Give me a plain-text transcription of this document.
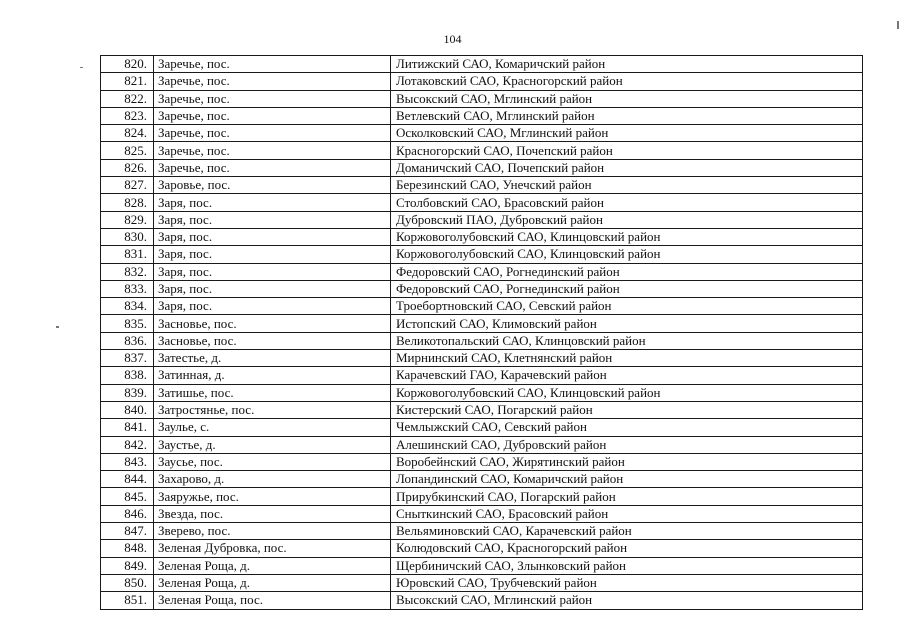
104
820.	Заречье, пос.	Литижский САО, Комаричский район
821.	Заречье, пос.	Лотаковский САО, Красногорский район
822.	Заречье, пос.	Высокский САО, Мглинский район
823.	Заречье, пос.	Ветлевский САО, Мглинский район
824.	Заречье, пос.	Осколковский САО, Мглинский район
825.	Заречье, пос.	Красногорский САО, Почепский район
826.	Заречье, пос.	Доманичский САО, Почепский район
827.	Заровье, пос.	Березинский САО, Унечский район
828.	Заря, пос.	Столбовский САО, Брасовский район
829.	Заря, пос.	Дубровский ПАО, Дубровский район
830.	Заря, пос.	Коржовоголубовский САО, Клинцовский район
831.	Заря, пос.	Коржовоголубовский САО, Клинцовский район
832.	Заря, пос.	Федоровский САО, Рогнединский район
833.	Заря, пос.	Федоровский САО, Рогнединский район
834.	Заря, пос.	Троебортновский САО, Севский район
835.	Засновье, пос.	Истопский САО, Климовский район
836.	Засновье, пос.	Великотопальский САО, Клинцовский район
837.	Затестье, д.	Мирнинский САО, Клетнянский район
838.	Затинная, д.	Карачевский ГАО, Карачевский район
839.	Затишье, пос.	Коржовоголубовский САО, Клинцовский район
840.	Затростянье, пос.	Кистерский САО, Погарский район
841.	Заулье, с.	Чемлыжский САО, Севский район
842.	Заустье, д.	Алешинский САО, Дубровский район
843.	Заусье, пос.	Воробейнский САО, Жирятинский район
844.	Захарово, д.	Лопандинский САО, Комаричский район
845.	Заяружье, пос.	Прирубкинский САО, Погарский район
846.	Звезда, пос.	Сныткинский САО, Брасовский район
847.	Зверево, пос.	Вельяминовский САО, Карачевский район
848.	Зеленая Дубровка, пос.	Колюдовский САО, Красногорский район
849.	Зеленая Роща, д.	Щербиничский САО, Злынковский район
850.	Зеленая Роща, д.	Юровский САО, Трубчевский район
851.	Зеленая Роща, пос.	Высокский САО, Мглинский район
